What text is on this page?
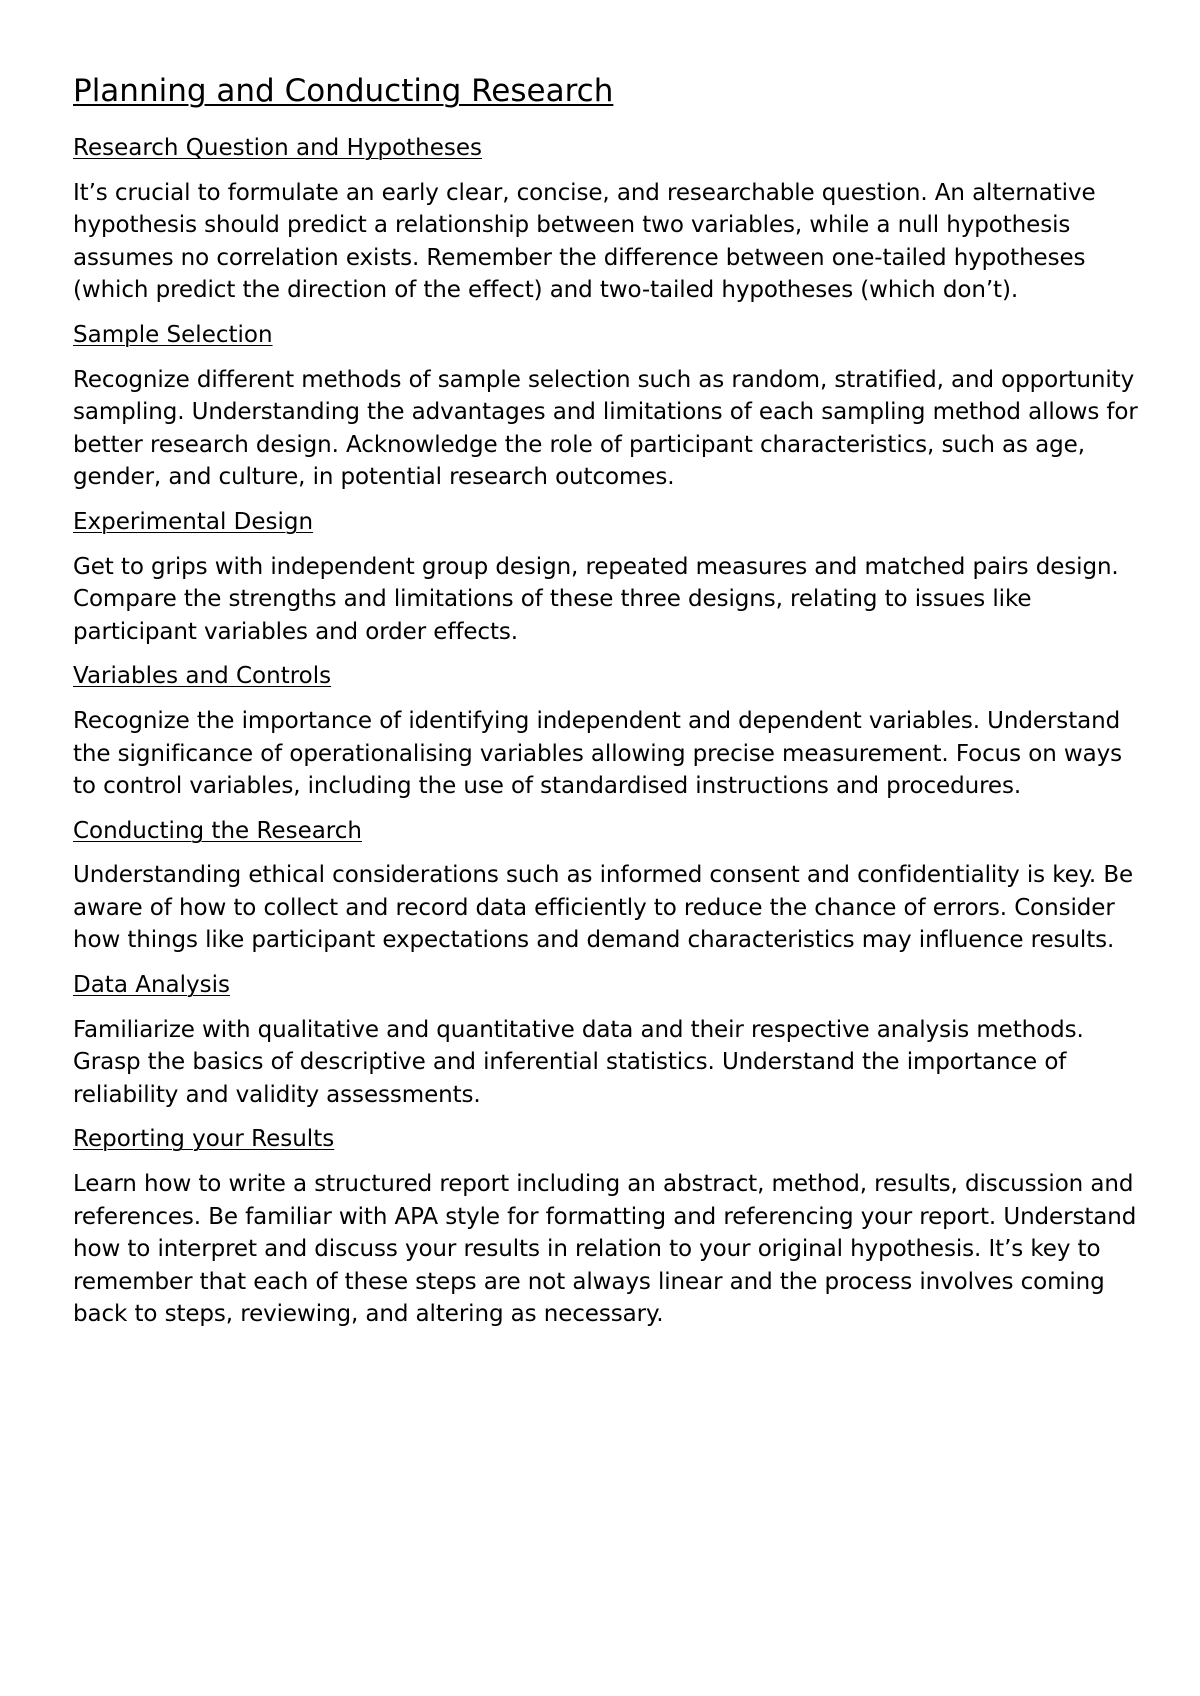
Planning and Conducting Research
Research Question and Hypotheses

It’s crucial to formulate an early clear, concise, and researchable question. An alternative hypothesis should predict a relationship between two variables, while a null hypothesis assumes no correlation exists. Remember the difference between one-tailed hypotheses (which predict the direction of the effect) and two-tailed hypotheses (which don’t).

Sample Selection

Recognize different methods of sample selection such as random, stratified, and opportunity sampling. Understanding the advantages and limitations of each sampling method allows for better research design. Acknowledge the role of participant characteristics, such as age, gender, and culture, in potential research outcomes.

Experimental Design

Get to grips with independent group design, repeated measures and matched pairs design. Compare the strengths and limitations of these three designs, relating to issues like participant variables and order effects.

Variables and Controls

Recognize the importance of identifying independent and dependent variables. Understand the significance of operationalising variables allowing precise measurement. Focus on ways to control variables, including the use of standardised instructions and procedures.

Conducting the Research

Understanding ethical considerations such as informed consent and confidentiality is key. Be aware of how to collect and record data efficiently to reduce the chance of errors. Consider how things like participant expectations and demand characteristics may influence results.

Data Analysis

Familiarize with qualitative and quantitative data and their respective analysis methods. Grasp the basics of descriptive and inferential statistics. Understand the importance of reliability and validity assessments.

Reporting your Results

Learn how to write a structured report including an abstract, method, results, discussion and references. Be familiar with APA style for formatting and referencing your report. Understand how to interpret and discuss your results in relation to your original hypothesis. It’s key to remember that each of these steps are not always linear and the process involves coming back to steps, reviewing, and altering as necessary.
